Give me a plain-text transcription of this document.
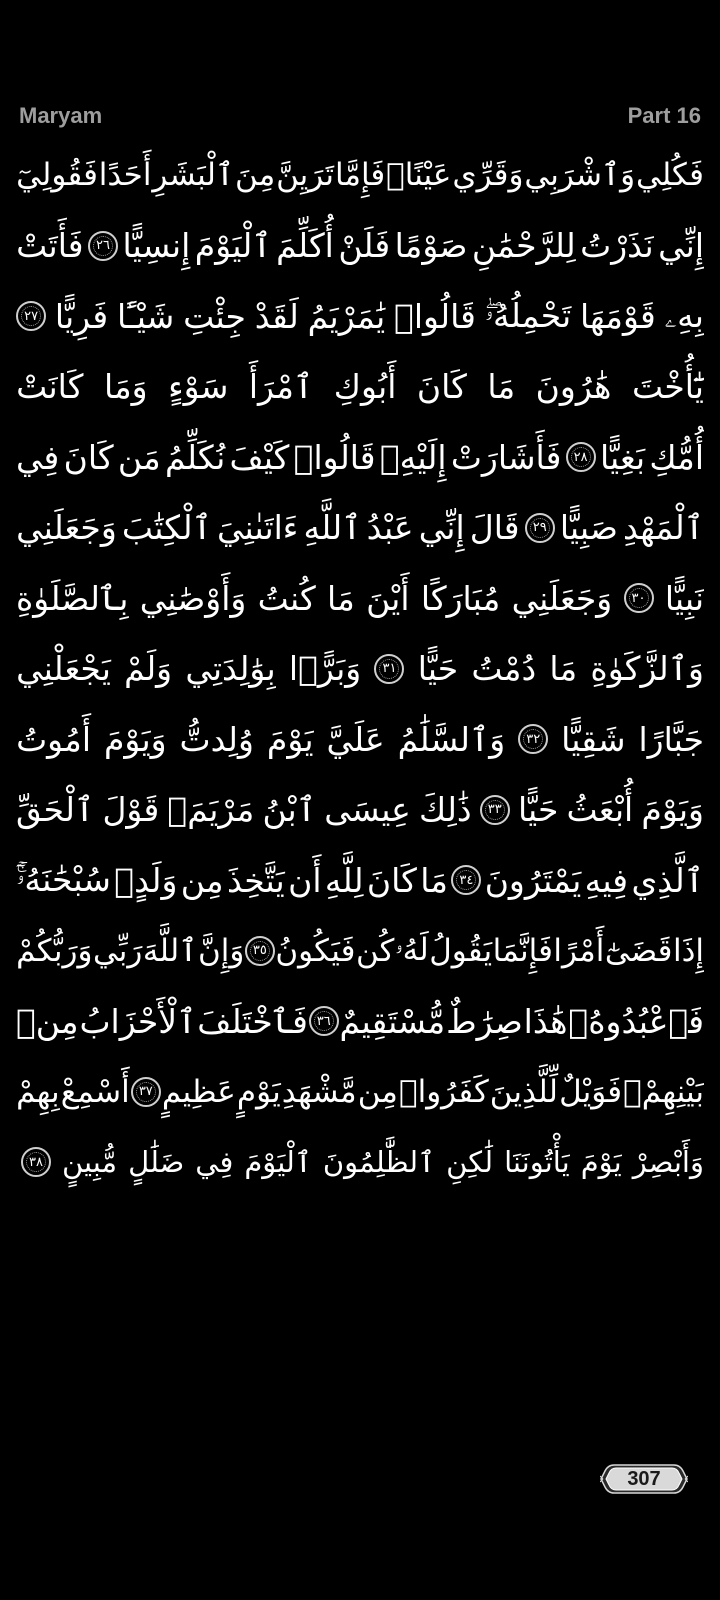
Maryam	Part 16
فَكُلِي
وَٱشْرَبِي
وَقَرِّي
عَيْنًاۖ
فَإِمَّا
تَرَيِنَّ
مِنَ
ٱلْبَشَرِ
أَحَدًا
فَقُولِيٓ
إِنِّي
نَذَرْتُ
لِلرَّحْمَٰنِ
صَوْمًا
فَلَنْ
أُكَلِّمَ
ٱلْيَوْمَ
إِنسِيًّا
٢٦
فَأَتَتْ
بِهِۦ
قَوْمَهَا
تَحْمِلُهُۥۖ
قَالُوا۟
يَٰمَرْيَمُ
لَقَدْ
جِئْتِ
شَيْـًٔا
فَرِيًّا
٢٧
يَٰٓأُخْتَ
هَٰرُونَ
مَا
كَانَ
أَبُوكِ
ٱمْرَأَ
سَوْءٍ
وَمَا
كَانَتْ
أُمُّكِ
بَغِيًّا
٢٨
فَأَشَارَتْ
إِلَيْهِۖ
قَالُوا۟
كَيْفَ
نُكَلِّمُ
مَن
كَانَ
فِي
ٱلْمَهْدِ
صَبِيًّا
٢٩
قَالَ
إِنِّي
عَبْدُ
ٱللَّهِ
ءَاتَىٰنِيَ
ٱلْكِتَٰبَ
وَجَعَلَنِي
نَبِيًّا
٣٠
وَجَعَلَنِي
مُبَارَكًا
أَيْنَ
مَا
كُنتُ
وَأَوْصَٰنِي
بِٱلصَّلَوٰةِ
وَٱلزَّكَوٰةِ
مَا
دُمْتُ
حَيًّا
٣١
وَبَرًّۢا
بِوَٰلِدَتِي
وَلَمْ
يَجْعَلْنِي
جَبَّارًا
شَقِيًّا
٣٢
وَٱلسَّلَٰمُ
عَلَيَّ
يَوْمَ
وُلِدتُّ
وَيَوْمَ
أَمُوتُ
وَيَوْمَ
أُبْعَثُ
حَيًّا
٣٣
ذَٰلِكَ
عِيسَى
ٱبْنُ
مَرْيَمَۖ
قَوْلَ
ٱلْحَقِّ
ٱلَّذِي
فِيهِ
يَمْتَرُونَ
٣٤
مَا
كَانَ
لِلَّهِ
أَن
يَتَّخِذَ
مِن
وَلَدٍۖ
سُبْحَٰنَهُۥٓۚ
إِذَا
قَضَىٰٓ
أَمْرًا
فَإِنَّمَا
يَقُولُ
لَهُۥ
كُن
فَيَكُونُ
٣٥
وَإِنَّ
ٱللَّهَ
رَبِّي
وَرَبُّكُمْ
فَٱعْبُدُوهُۚ
هَٰذَا
صِرَٰطٌ
مُّسْتَقِيمٌ
٣٦
فَٱخْتَلَفَ
ٱلْأَحْزَابُ
مِنۢ
بَيْنِهِمْۖ
فَوَيْلٌ
لِّلَّذِينَ
كَفَرُوا۟
مِن
مَّشْهَدِ
يَوْمٍ
عَظِيمٍ
٣٧
أَسْمِعْ
بِهِمْ
وَأَبْصِرْ
يَوْمَ
يَأْتُونَنَا
لَٰكِنِ
ٱلظَّٰلِمُونَ
ٱلْيَوْمَ
فِي
ضَلَٰلٍ
مُّبِينٍ
٣٨
307
